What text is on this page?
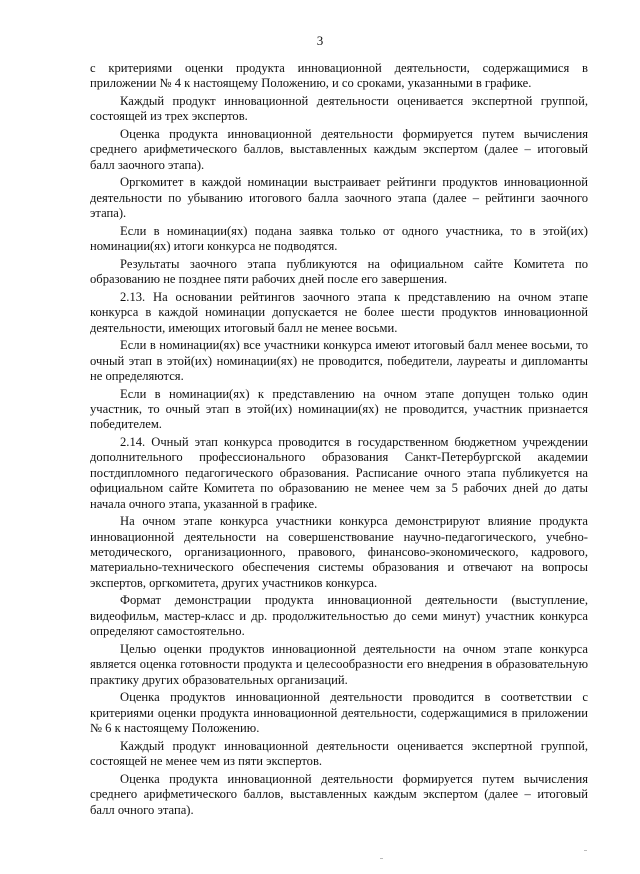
3

с критериями оценки продукта инновационной деятельности, содержащимися в приложении № 4 к настоящему Положению, и со сроками, указанными в графике.

Каждый продукт инновационной деятельности оценивается экспертной группой, состоящей из трех экспертов.

Оценка продукта инновационной деятельности формируется путем вычисления среднего арифметического баллов, выставленных каждым экспертом (далее – итоговый балл заочного этапа).

Оргкомитет в каждой номинации выстраивает рейтинги продуктов инновационной деятельности по убыванию итогового балла заочного этапа (далее – рейтинги заочного этапа).

Если в номинации(ях) подана заявка только от одного участника, то в этой(их) номинации(ях) итоги конкурса не подводятся.

Результаты заочного этапа публикуются на официальном сайте Комитета по образованию не позднее пяти рабочих дней после его завершения.

2.13. На основании рейтингов заочного этапа к представлению на очном этапе конкурса в каждой номинации допускается не более шести продуктов инновационной деятельности, имеющих итоговый балл не менее восьми.

Если в номинации(ях) все участники конкурса имеют итоговый балл менее восьми, то очный этап в этой(их) номинации(ях) не проводится, победители, лауреаты и дипломанты не определяются.

Если в номинации(ях) к представлению на очном этапе допущен только один участник, то очный этап в этой(их) номинации(ях) не проводится, участник признается победителем.

2.14. Очный этап конкурса проводится в государственном бюджетном учреждении дополнительного профессионального образования Санкт-Петербургской академии постдипломного педагогического образования. Расписание очного этапа публикуется на официальном сайте Комитета по образованию не менее чем за 5 рабочих дней до даты начала очного этапа, указанной в графике.

На очном этапе конкурса участники конкурса демонстрируют влияние продукта инновационной деятельности на совершенствование научно-педагогического, учебно-методического, организационного, правового, финансово-экономического, кадрового, материально-технического обеспечения системы образования и отвечают на вопросы экспертов, оргкомитета, других участников конкурса.

Формат демонстрации продукта инновационной деятельности (выступление, видеофильм, мастер-класс и др. продолжительностью до семи минут) участник конкурса определяют самостоятельно.

Целью оценки продуктов инновационной деятельности на очном этапе конкурса является оценка готовности продукта и целесообразности его внедрения в образовательную практику других образовательных организаций.

Оценка продуктов инновационной деятельности проводится в соответствии с критериями оценки продукта инновационной деятельности, содержащимися в приложении № 6 к настоящему Положению.

Каждый продукт инновационной деятельности оценивается экспертной группой, состоящей не менее чем из пяти экспертов.

Оценка продукта инновационной деятельности формируется путем вычисления среднего арифметического баллов, выставленных каждым экспертом (далее – итоговый балл очного этапа).
